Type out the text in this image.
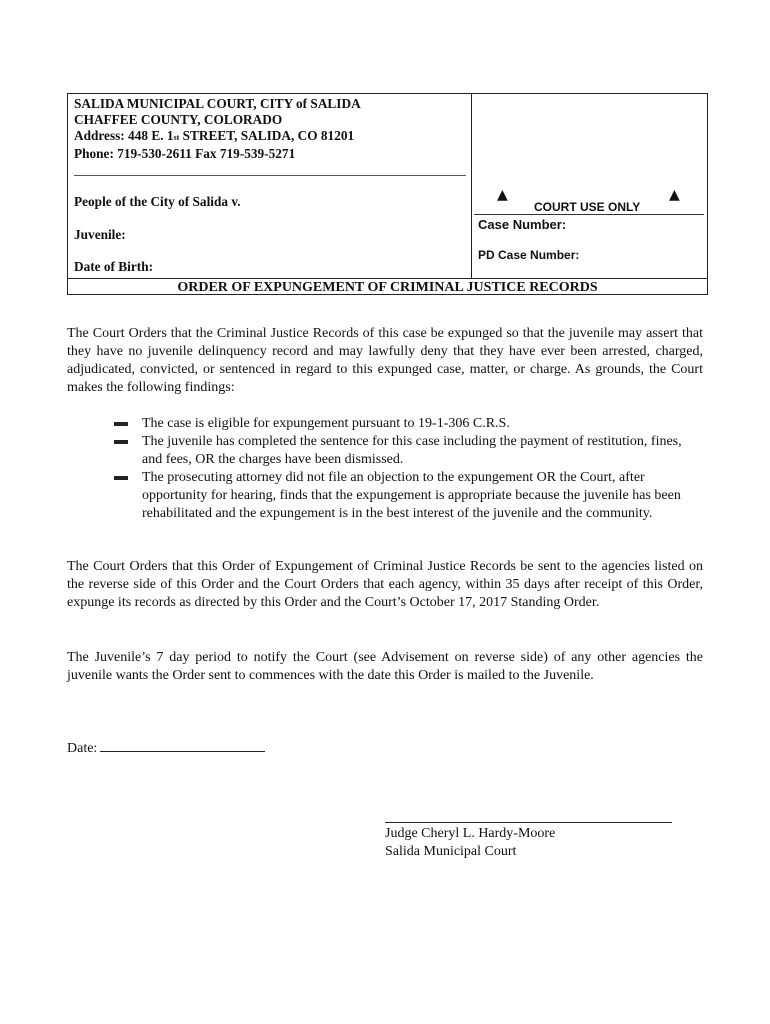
SALIDA MUNICIPAL COURT, CITY of SALIDA
CHAFFEE COUNTY, COLORADO
Address: 448 E. 1st STREET, SALIDA, CO 81201
Phone: 719-530-2611 Fax 719-539-5271
People of the City of Salida v.
Juvenile:
Date of Birth:
▲
COURT USE ONLY
▲
Case Number:
PD Case Number:
ORDER OF EXPUNGEMENT OF CRIMINAL JUSTICE RECORDS
The Court Orders that the Criminal Justice Records of this case be expunged so that the juvenile may assert that they have no juvenile delinquency record and may lawfully deny that they have ever been arrested, charged, adjudicated, convicted, or sentenced in regard to this expunged case, matter, or charge. As grounds, the Court makes the following findings:
The case is eligible for expungement pursuant to 19-1-306 C.R.S.
The juvenile has completed the sentence for this case including the payment of restitution, fines, and fees, OR the charges have been dismissed.
The prosecuting attorney did not file an objection to the expungement OR the Court, after opportunity for hearing, finds that the expungement is appropriate because the juvenile has been rehabilitated and the expungement is in the best interest of the juvenile and the community.
The Court Orders that this Order of Expungement of Criminal Justice Records be sent to the agencies listed on the reverse side of this Order and the Court Orders that each agency, within 35 days after receipt of this Order, expunge its records as directed by this Order and the Court’s October 17, 2017 Standing Order.
The Juvenile’s 7 day period to notify the Court (see Advisement on reverse side) of any other agencies the juvenile wants the Order sent to commences with the date this Order is mailed to the Juvenile.
Date:
Judge Cheryl L. Hardy-Moore
Salida Municipal Court
